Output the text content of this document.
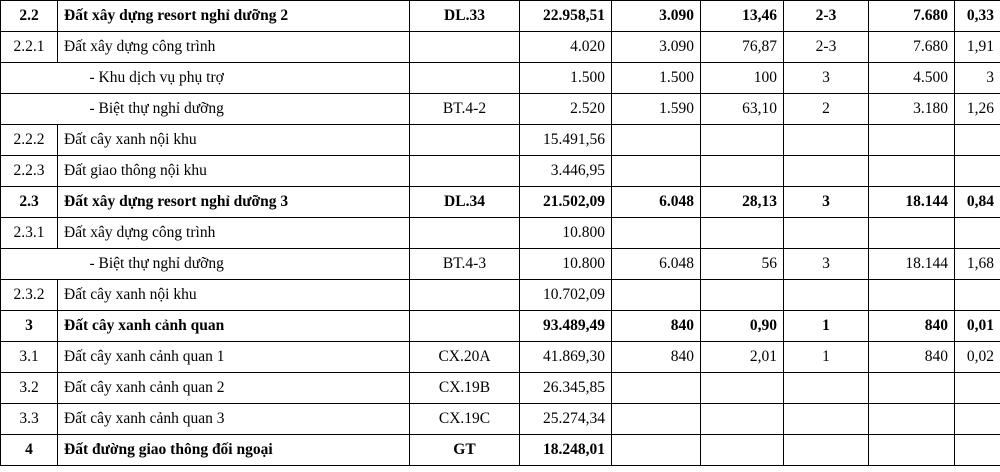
2.2	Đất xây dựng resort nghỉ dưỡng 2	DL.33	22.958,51	3.090	13,46	2-3	7.680	0,33
2.2.1	Đất xây dựng công trình		4.020	3.090	76,87	2-3	7.680	1,91
	- Khu dịch vụ phụ trợ		1.500	1.500	100	3	4.500	3
	- Biệt thự nghỉ dưỡng	BT.4-2	2.520	1.590	63,10	2	3.180	1,26
2.2.2	Đất cây xanh nội khu		15.491,56					
2.2.3	Đất giao thông nội khu		3.446,95					
2.3	Đất xây dựng resort nghỉ dưỡng 3	DL.34	21.502,09	6.048	28,13	3	18.144	0,84
2.3.1	Đất xây dựng công trình		10.800					
	- Biệt thự nghỉ dưỡng	BT.4-3	10.800	6.048	56	3	18.144	1,68
2.3.2	Đất cây xanh nội khu		10.702,09					
3	Đất cây xanh cảnh quan		93.489,49	840	0,90	1	840	0,01
3.1	Đất cây xanh cảnh quan 1	CX.20A	41.869,30	840	2,01	1	840	0,02
3.2	Đất cây xanh cảnh quan 2	CX.19B	26.345,85					
3.3	Đất cây xanh cảnh quan 3	CX.19C	25.274,34					
4	Đất đường giao thông đối ngoại	GT	18.248,01					
